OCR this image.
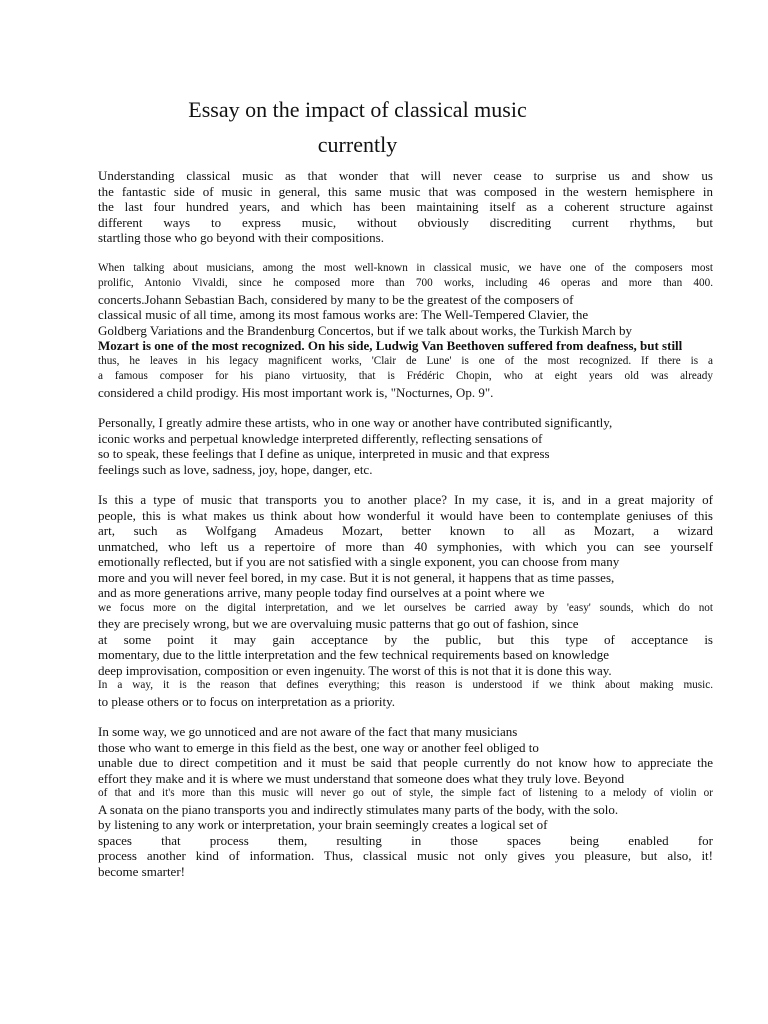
Essay on the impact of classical music
currently
Understanding classical music as that wonder that will never cease to surprise us and show us
the fantastic side of music in general, this same music that was composed in the western hemisphere in
the last four hundred years, and which has been maintaining itself as a coherent structure against
different ways to express music, without obviously discrediting current rhythms, but
startling those who go beyond with their compositions.
When talking about musicians, among the most well-known in classical music, we have one of the composers most
prolific, Antonio Vivaldi, since he composed more than 700 works, including 46 operas and more than 400.
concerts.Johann Sebastian Bach, considered by many to be the greatest of the composers of
classical music of all time, among its most famous works are: The Well-Tempered Clavier, the
Goldberg Variations and the Brandenburg Concertos, but if we talk about works, the Turkish March by
Mozart is one of the most recognized. On his side, Ludwig Van Beethoven suffered from deafness, but still
thus, he leaves in his legacy magnificent works, 'Clair de Lune' is one of the most recognized. If there is a
a famous composer for his piano virtuosity, that is Frédéric Chopin, who at eight years old was already
considered a child prodigy. His most important work is, "Nocturnes, Op. 9".
Personally, I greatly admire these artists, who in one way or another have contributed significantly,
iconic works and perpetual knowledge interpreted differently, reflecting sensations of
so to speak, these feelings that I define as unique, interpreted in music and that express
feelings such as love, sadness, joy, hope, danger, etc.
Is this a type of music that transports you to another place? In my case, it is, and in a great majority of
people, this is what makes us think about how wonderful it would have been to contemplate geniuses of this
art, such as Wolfgang Amadeus Mozart, better known to all as Mozart, a wizard
unmatched, who left us a repertoire of more than 40 symphonies, with which you can see yourself
emotionally reflected, but if you are not satisfied with a single exponent, you can choose from many
more and you will never feel bored, in my case. But it is not general, it happens that as time passes,
and as more generations arrive, many people today find ourselves at a point where we
we focus more on the digital interpretation, and we let ourselves be carried away by 'easy' sounds, which do not
they are precisely wrong, but we are overvaluing music patterns that go out of fashion, since
at some point it may gain acceptance by the public, but this type of acceptance is
momentary, due to the little interpretation and the few technical requirements based on knowledge
deep improvisation, composition or even ingenuity. The worst of this is not that it is done this way.
In a way, it is the reason that defines everything; this reason is understood if we think about making music.
to please others or to focus on interpretation as a priority.
In some way, we go unnoticed and are not aware of the fact that many musicians
those who want to emerge in this field as the best, one way or another feel obliged to
unable due to direct competition and it must be said that people currently do not know how to appreciate the
effort they make and it is where we must understand that someone does what they truly love. Beyond
of that and it's more than this music will never go out of style, the simple fact of listening to a melody of violin or
A sonata on the piano transports you and indirectly stimulates many parts of the body, with the solo.
by listening to any work or interpretation, your brain seemingly creates a logical set of
spaces that process them, resulting in those spaces being enabled for
process another kind of information. Thus, classical music not only gives you pleasure, but also, it!
become smarter!
